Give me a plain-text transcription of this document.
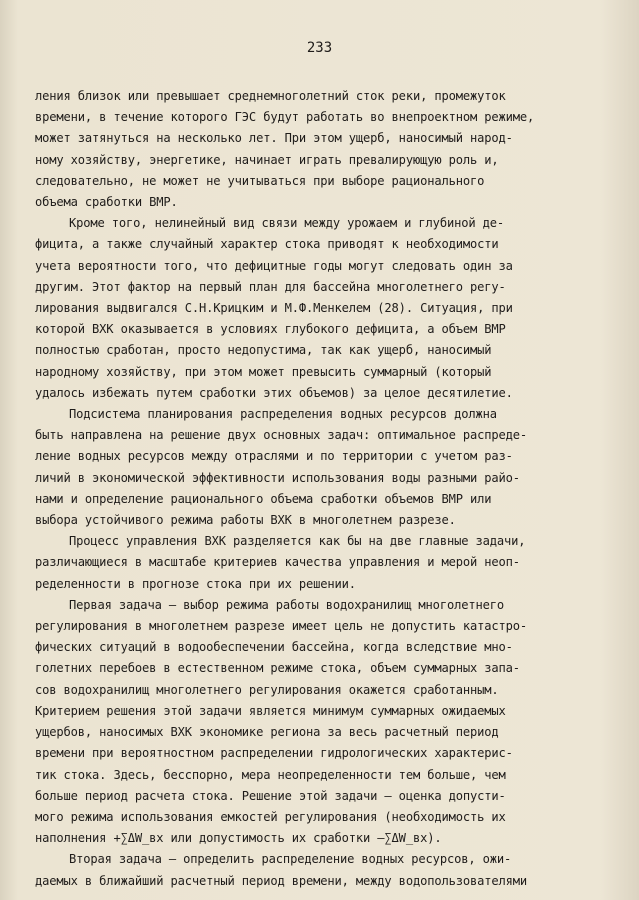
233
ления близок или превышает среднемноголетний сток реки, промежуток
времени, в течение которого ГЭС будут работать во внепроектном режиме,
может затянуться на несколько лет. При этом ущерб, наносимый народ-
ному хозяйству, энергетике, начинает играть превалирующую роль и,
следовательно, не может не учитываться при выборе рационального
объема сработки ВМР.
Кроме того, нелинейный вид связи между урожаем и глубиной де-
фицита, а также случайный характер стока приводят к необходимости
учета вероятности того, что дефицитные годы могут следовать один за
другим. Этот фактор на первый план для бассейна многолетнего регу-
лирования выдвигался С.Н.Крицким и М.Ф.Менкелем (28). Ситуация, при
которой ВХК оказывается в условиях глубокого дефицита, а объем ВМР
полностью сработан, просто недопустима, так как ущерб, наносимый
народному хозяйству, при этом может превысить суммарный (который
удалось избежать путем сработки этих объемов) за целое десятилетие.
Подсистема планирования распределения водных ресурсов должна
быть направлена на решение двух основных задач: оптимальное распреде-
ление водных ресурсов между отраслями и по территории с учетом раз-
личий в экономической эффективности использования воды разными райо-
нами и определение рационального объема сработки объемов ВМР или
выбора устойчивого режима работы ВХК в многолетнем разрезе.
Процесс управления ВХК разделяется как бы на две главные задачи,
различающиеся в масштабе критериев качества управления и мерой неоп-
ределенности в прогнозе стока при их решении.
Первая задача – выбор режима работы водохранилищ многолетнего
регулирования в многолетнем разрезе имеет цель не допустить катастро-
фических ситуаций в водообеспечении бассейна, когда вследствие мно-
голетних перебоев в естественном режиме стока, объем суммарных запа-
сов водохранилищ многолетнего регулирования окажется сработанным.
Критерием решения этой задачи является минимум суммарных ожидаемых
ущербов, наносимых ВХК экономике региона за весь расчетный период
времени при вероятностном распределении гидрологических характерис-
тик стока. Здесь, бесспорно, мера неопределенности тем больше, чем
больше период расчета стока. Решение этой задачи – оценка допусти-
мого режима использования емкостей регулирования (необходимость их
наполнения +∑ΔW_вх или допустимость их сработки –∑ΔW_вх).
Вторая задача – определить распределение водных ресурсов, ожи-
даемых в ближайший расчетный период времени, между водопользователями
